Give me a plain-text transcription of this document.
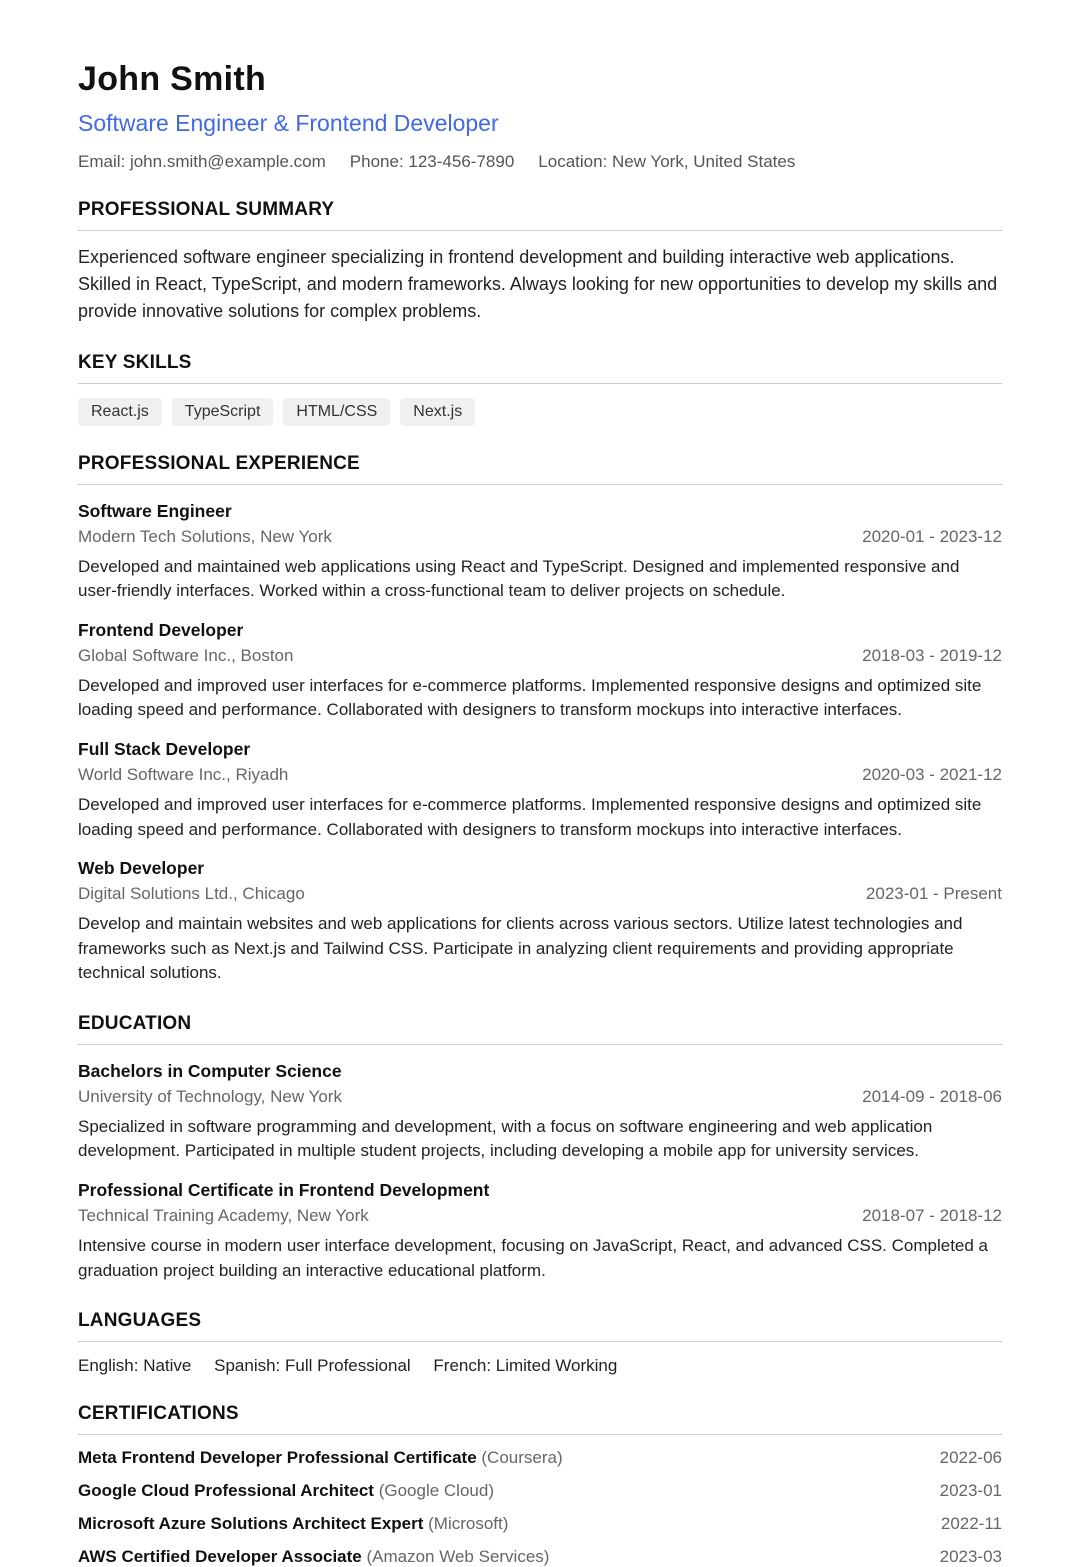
John Smith
Software Engineer & Frontend Developer
Email: john.smith@example.com Phone: 123-456-7890 Location: New York, United States
PROFESSIONAL SUMMARY
Experienced software engineer specializing in frontend development and building interactive web applications. Skilled in React, TypeScript, and modern frameworks. Always looking for new opportunities to develop my skills and provide innovative solutions for complex problems.
KEY SKILLS
React.js	TypeScript	HTML/CSS	Next.js
PROFESSIONAL EXPERIENCE
Software Engineer
Modern Tech Solutions, New York	2020-01 - 2023-12
Developed and maintained web applications using React and TypeScript. Designed and implemented responsive and user-friendly interfaces. Worked within a cross-functional team to deliver projects on schedule.
Frontend Developer
Global Software Inc., Boston	2018-03 - 2019-12
Developed and improved user interfaces for e-commerce platforms. Implemented responsive designs and optimized site loading speed and performance. Collaborated with designers to transform mockups into interactive interfaces.
Full Stack Developer
World Software Inc., Riyadh	2020-03 - 2021-12
Developed and improved user interfaces for e-commerce platforms. Implemented responsive designs and optimized site loading speed and performance. Collaborated with designers to transform mockups into interactive interfaces.
Web Developer
Digital Solutions Ltd., Chicago	2023-01 - Present
Develop and maintain websites and web applications for clients across various sectors. Utilize latest technologies and frameworks such as Next.js and Tailwind CSS. Participate in analyzing client requirements and providing appropriate technical solutions.
EDUCATION
Bachelors in Computer Science
University of Technology, New York	2014-09 - 2018-06
Specialized in software programming and development, with a focus on software engineering and web application development. Participated in multiple student projects, including developing a mobile app for university services.
Professional Certificate in Frontend Development
Technical Training Academy, New York	2018-07 - 2018-12
Intensive course in modern user interface development, focusing on JavaScript, React, and advanced CSS. Completed a graduation project building an interactive educational platform.
LANGUAGES
English: Native Spanish: Full Professional French: Limited Working
CERTIFICATIONS
Meta Frontend Developer Professional Certificate (Coursera)	2022-06
Google Cloud Professional Architect (Google Cloud)	2023-01
Microsoft Azure Solutions Architect Expert (Microsoft)	2022-11
AWS Certified Developer Associate (Amazon Web Services)	2023-03
